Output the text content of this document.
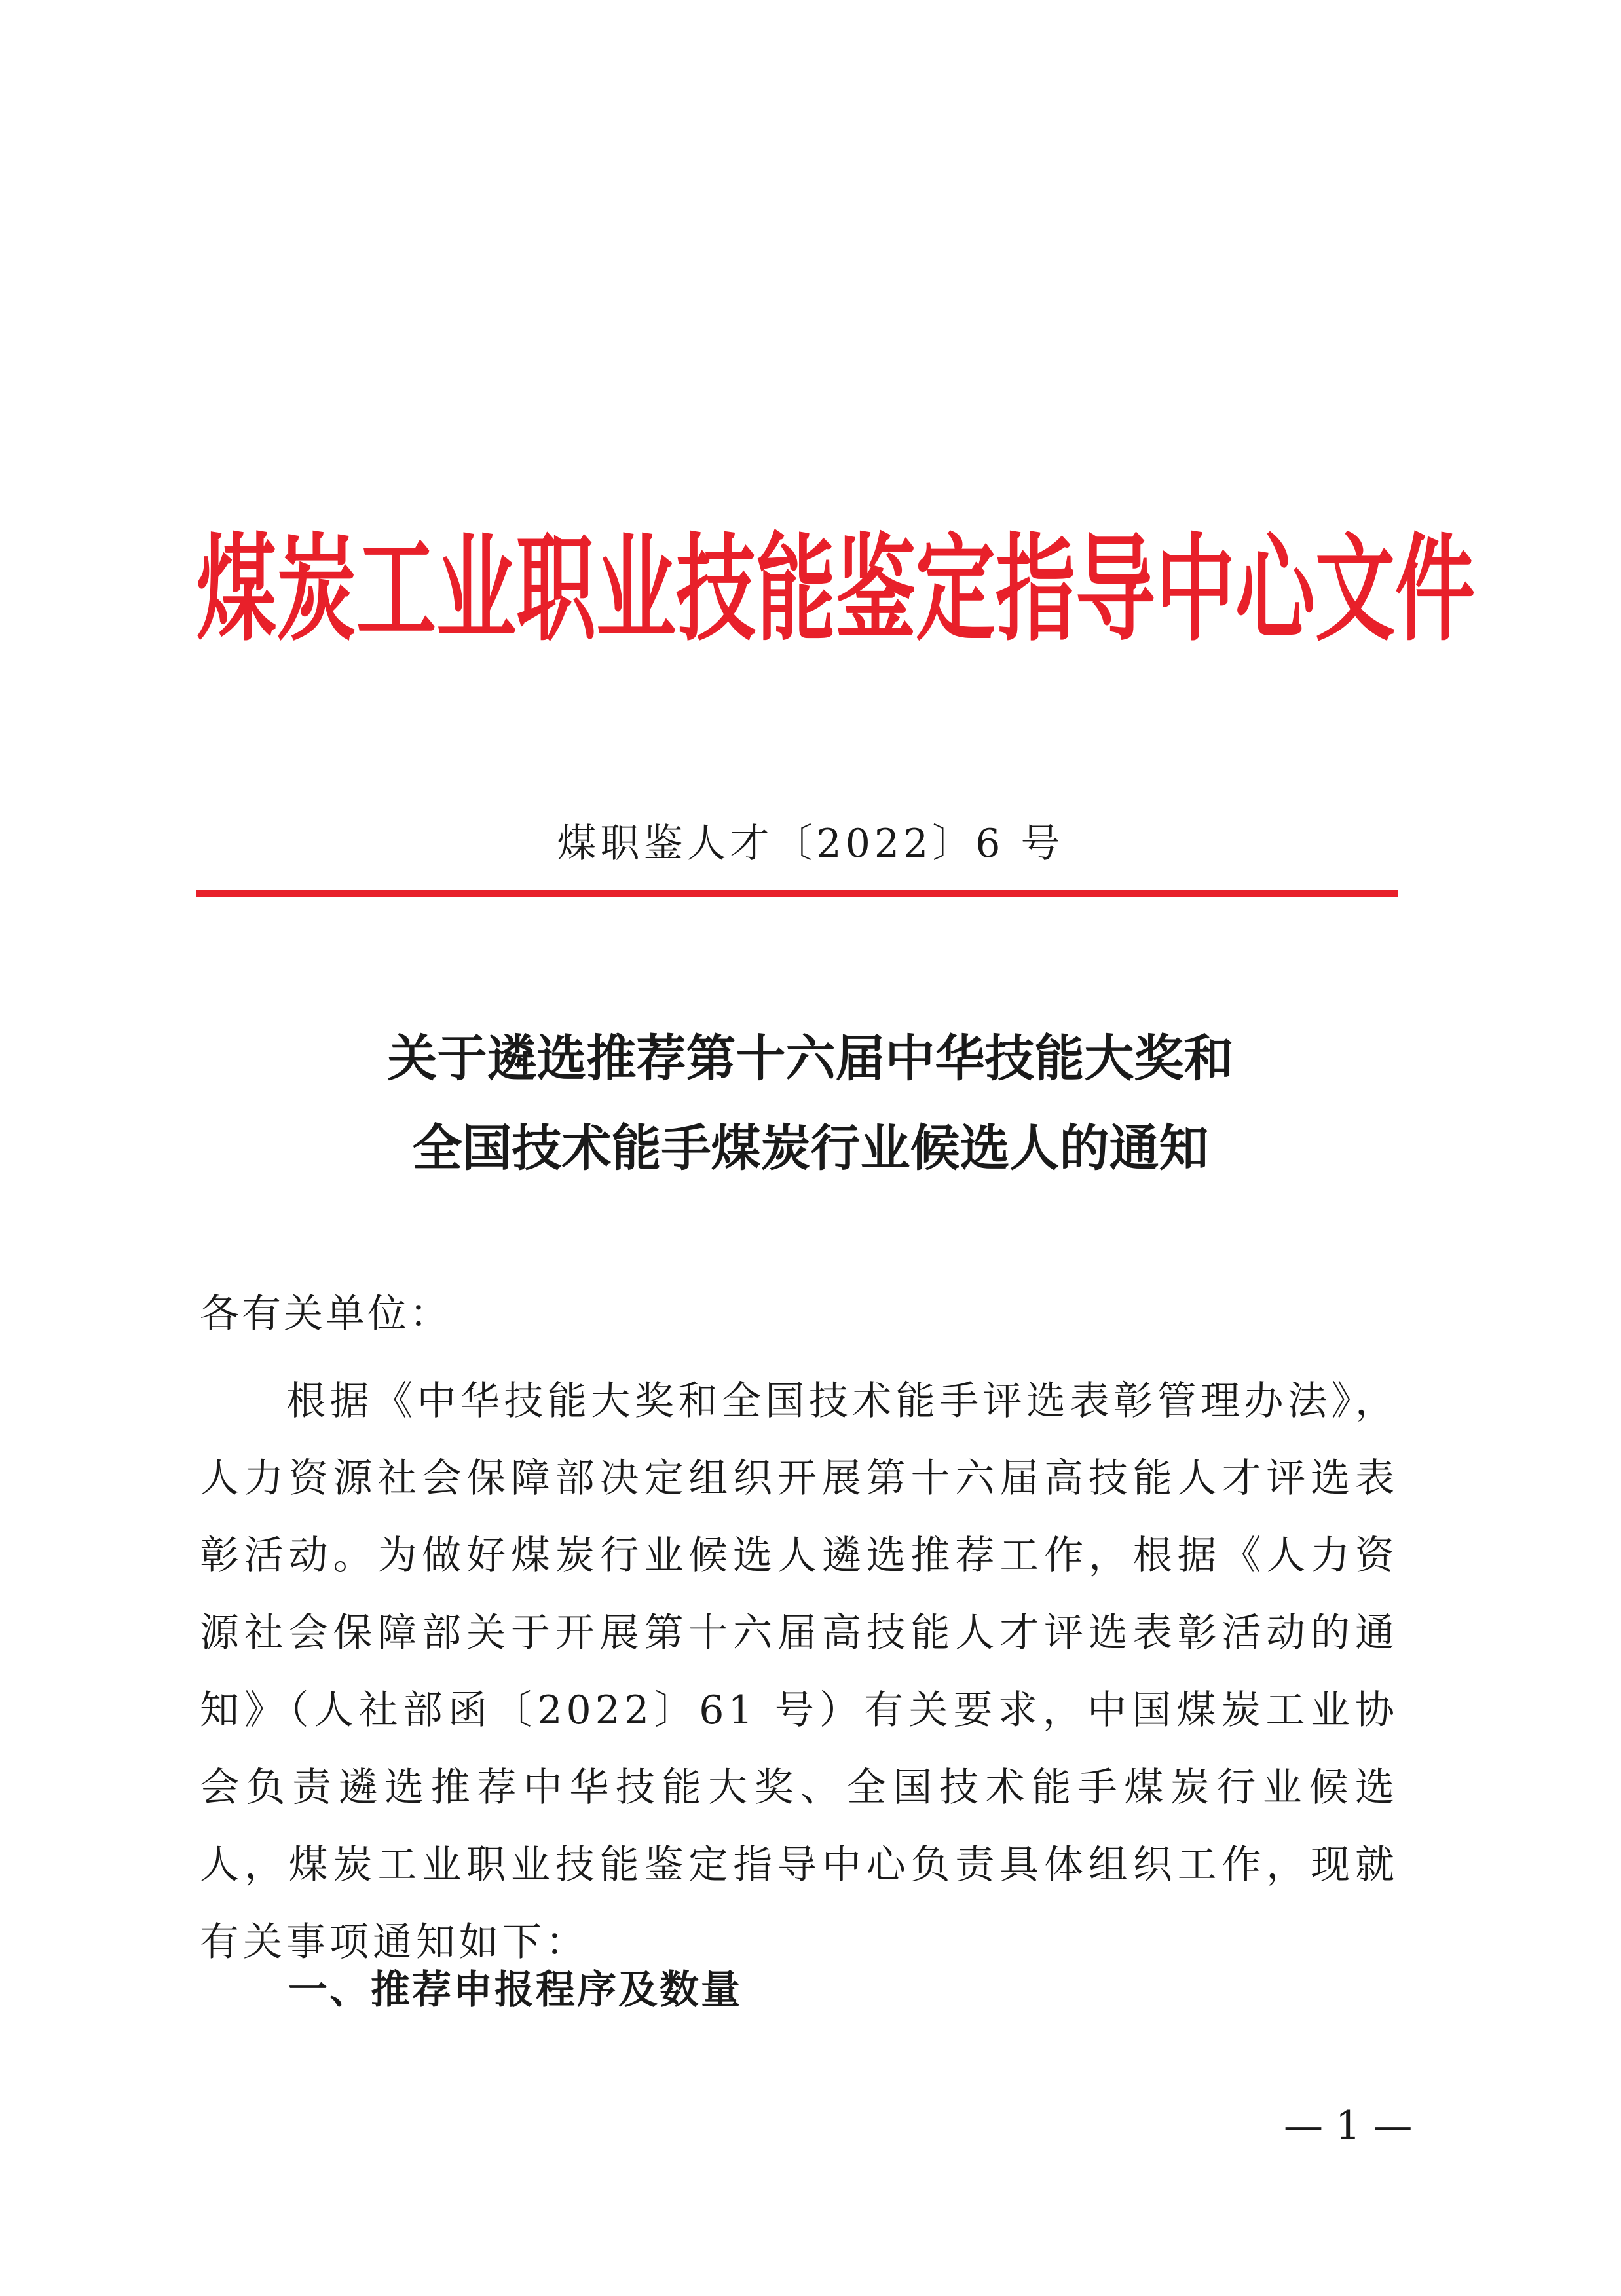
煤炭工业职业技能鉴定指导中心文件
煤职鉴人才〔2022〕6 号
关于遴选推荐第十六届中华技能大奖和
全国技术能手煤炭行业候选人的通知
各有关单位：
根据《中华技能大奖和全国技术能手评选表彰管理办法》，人力资源社会保障部决定组织开展第十六届高技能人才评选表彰活动。为做好煤炭行业候选人遴选推荐工作，根据《人力资源社会保障部关于开展第十六届高技能人才评选表彰活动的通知》（人社部函〔2022〕61 号）有关要求，中国煤炭工业协会负责遴选推荐中华技能大奖、全国技术能手煤炭行业候选人，煤炭工业职业技能鉴定指导中心负责具体组织工作，现就有关事项通知如下：
一、推荐申报程序及数量
— 1 —
